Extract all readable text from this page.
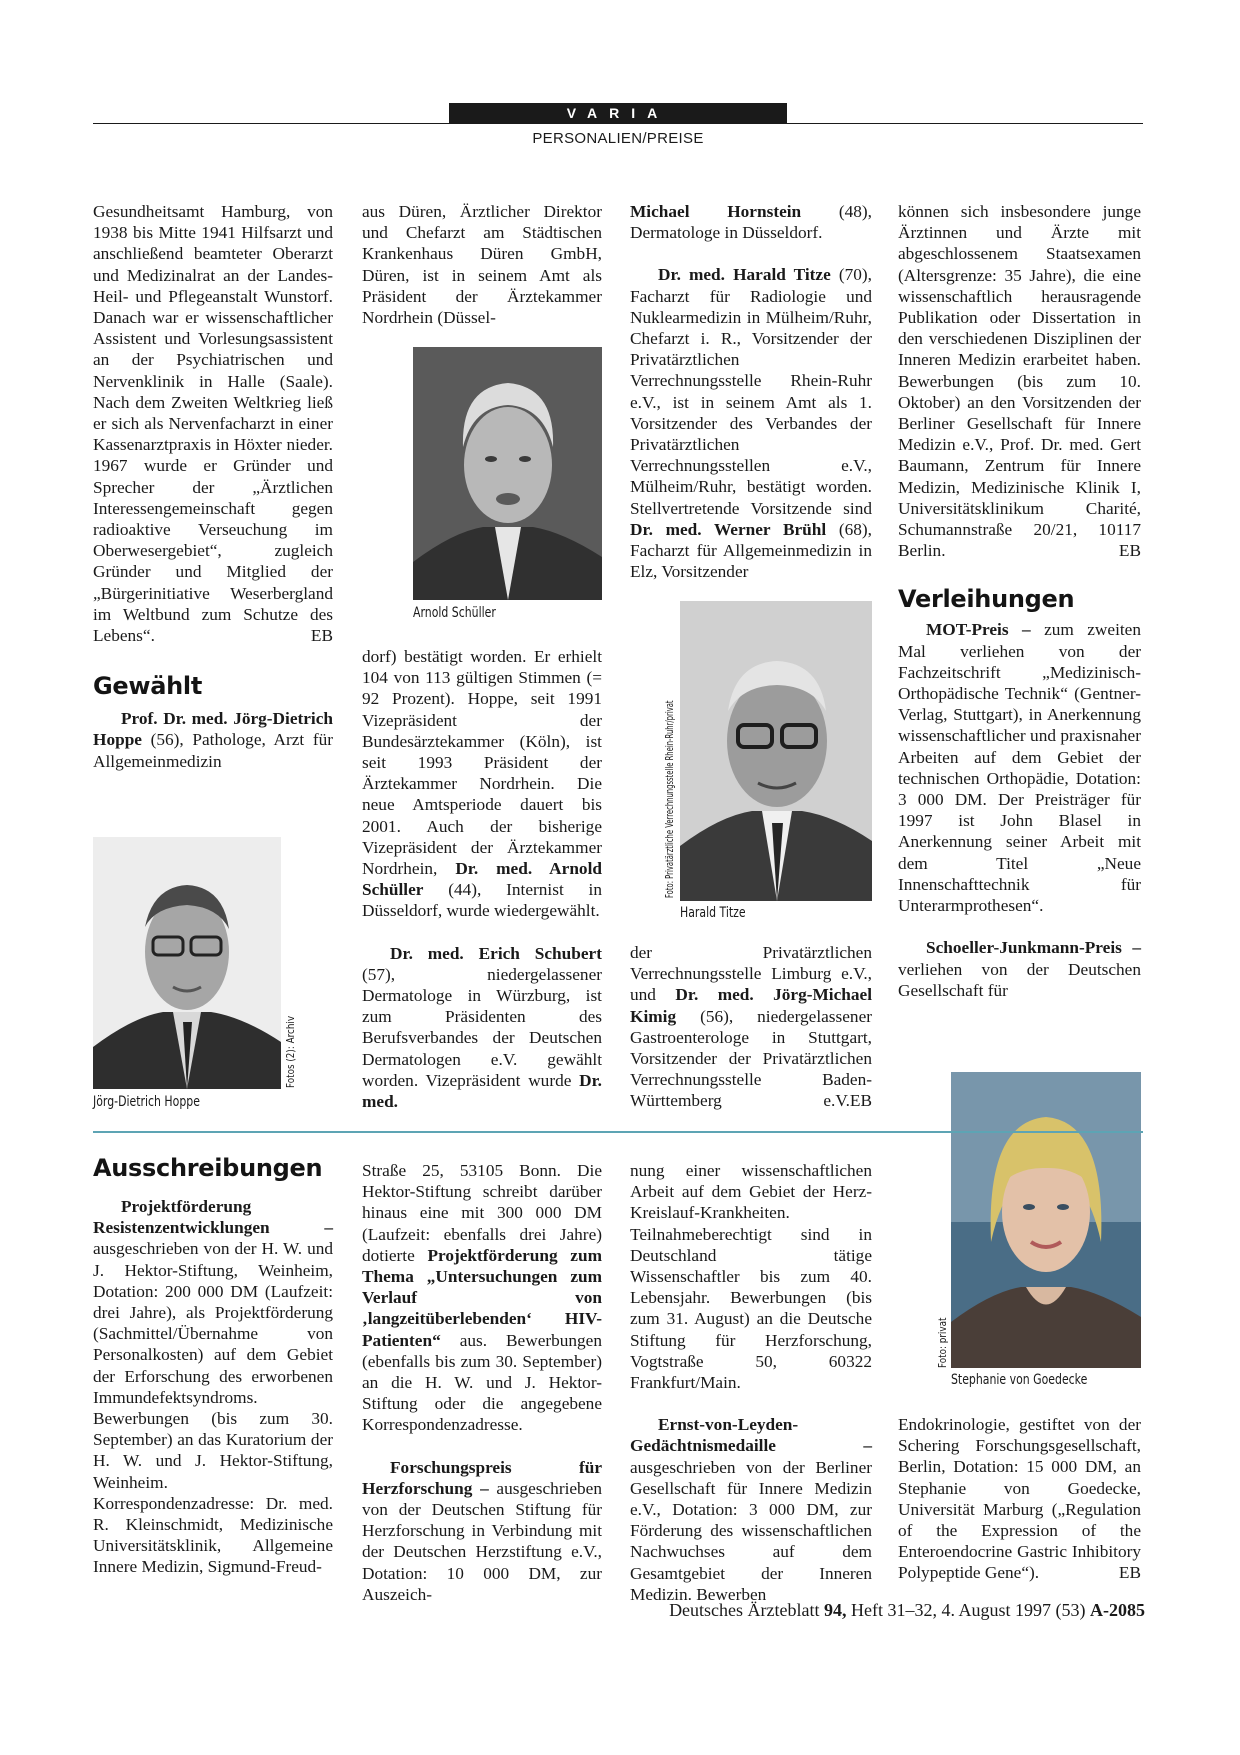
VARIA
PERSONALIEN/PREISE

Gesundheitsamt Hamburg, von 1938 bis Mitte 1941 Hilfsarzt und anschließend beamteter Oberarzt und Medizinalrat an der Landes-Heil- und Pflegeanstalt Wunstorf. Danach war er wissenschaftlicher Assistent und Vorlesungsassistent an der Psychiatrischen und Nervenklinik in Halle (Saale). Nach dem Zweiten Weltkrieg ließ er sich als Nervenfacharzt in einer Kassenarztpraxis in Höxter nieder. 1967 wurde er Gründer und Sprecher der „Ärztlichen Interessengemeinschaft gegen radioaktive Verseuchung im Oberwesergebiet“, zugleich Gründer und Mitglied der „Bürgerinitiative Weserbergland im Weltbund zum Schutze des Lebens“.	EB

Gewählt

Prof. Dr. med. Jörg-Dietrich Hoppe (56), Pathologe, Arzt für Allgemeinmedizin

Fotos (2): Archiv
Jörg-Dietrich Hoppe

aus Düren, Ärztlicher Direktor und Chefarzt am Städtischen Krankenhaus Düren GmbH, Düren, ist in seinem Amt als Präsident der Ärztekammer Nordrhein (Düssel-

Arnold Schüller

dorf) bestätigt worden. Er erhielt 104 von 113 gültigen Stimmen (= 92 Prozent). Hoppe, seit 1991 Vizepräsident der Bundesärztekammer (Köln), ist seit 1993 Präsident der Ärztekammer Nordrhein. Die neue Amtsperiode dauert bis 2001. Auch der bisherige Vizepräsident der Ärztekammer Nordrhein, Dr. med. Arnold Schüller (44), Internist in Düsseldorf, wurde wiedergewählt.

Dr. med. Erich Schubert (57), niedergelassener Dermatologe in Würzburg, ist zum Präsidenten des Berufsverbandes der Deutschen Dermatologen e.V. gewählt worden. Vizepräsident wurde Dr. med.

Michael Hornstein (48), Dermatologe in Düsseldorf.

Dr. med. Harald Titze (70), Facharzt für Radiologie und Nuklearmedizin in Mülheim/Ruhr, Chefarzt i. R., Vorsitzender der Privatärztlichen Verrechnungsstelle Rhein-Ruhr e.V., ist in seinem Amt als 1. Vorsitzender des Verbandes der Privatärztlichen Verrechnungsstellen e.V., Mülheim/Ruhr, bestätigt worden. Stellvertretende Vorsitzende sind Dr. med. Werner Brühl (68), Facharzt für Allgemeinmedizin in Elz, Vorsitzender

Foto: Privatärztliche Verrechnungsstelle Rhein-Ruhr/privat
Harald Titze

der Privatärztlichen Verrechnungsstelle Limburg e.V., und Dr. med. Jörg-Michael Kimig (56), niedergelassener Gastroenterologe in Stuttgart, Vorsitzender der Privatärztlichen Verrechnungsstelle Baden-Württemberg e.V. EB

können sich insbesondere junge Ärztinnen und Ärzte mit abgeschlossenem Staatsexamen (Altersgrenze: 35 Jahre), die eine wissenschaftlich herausragende Publikation oder Dissertation in den verschiedenen Disziplinen der Inneren Medizin erarbeitet haben. Bewerbungen (bis zum 10. Oktober) an den Vorsitzenden der Berliner Gesellschaft für Innere Medizin e.V., Prof. Dr. med. Gert Baumann, Zentrum für Innere Medizin, Medizinische Klinik I, Universitätsklinikum Charité, Schumannstraße 20/21, 10117 Berlin.	EB

Verleihungen

MOT-Preis – zum zweiten Mal verliehen von der Fachzeitschrift „Medizinisch-Orthopädische Technik“ (Gentner-Verlag, Stuttgart), in Anerkennung wissenschaftlicher und praxisnaher Arbeiten auf dem Gebiet der technischen Orthopädie, Dotation: 3 000 DM. Der Preisträger für 1997 ist John Blasel in Anerkennung seiner Arbeit mit dem Titel „Neue Innenschafttechnik für Unterarmprothesen“.

Schoeller-Junkmann-Preis – verliehen von der Deutschen Gesellschaft für

Foto: privat
Stephanie von Goedecke

Endokrinologie, gestiftet von der Schering Forschungsgesellschaft, Berlin, Dotation: 15 000 DM, an Stephanie von Goedecke, Universität Marburg („Regulation of the Expression of the Enteroendocrine Gastric Inhibitory Polypeptide Gene“).	EB

Ausschreibungen

Projektförderung Resistenzentwicklungen – ausgeschrieben von der H. W. und J. Hektor-Stiftung, Weinheim, Dotation: 200 000 DM (Laufzeit: drei Jahre), als Projektförderung (Sachmittel/Übernahme von Personalkosten) auf dem Gebiet der Erforschung des erworbenen Immundefektsyndroms. Bewerbungen (bis zum 30. September) an das Kuratorium der H. W. und J. Hektor-Stiftung, Weinheim. Korrespondenzadresse: Dr. med. R. Kleinschmidt, Medizinische Universitätsklinik, Allgemeine Innere Medizin, Sigmund-Freud-

Straße 25, 53105 Bonn. Die Hektor-Stiftung schreibt darüber hinaus eine mit 300 000 DM (Laufzeit: ebenfalls drei Jahre) dotierte Projektförderung zum Thema „Untersuchungen zum Verlauf von ‚langzeitüberlebenden‘ HIV-Patienten“ aus. Bewerbungen (ebenfalls bis zum 30. September) an die H. W. und J. Hektor-Stiftung oder die angegebene Korrespondenzadresse.

Forschungspreis für Herzforschung – ausgeschrieben von der Deutschen Stiftung für Herzforschung in Verbindung mit der Deutschen Herzstiftung e.V., Dotation: 10 000 DM, zur Auszeich-

nung einer wissenschaftlichen Arbeit auf dem Gebiet der Herz-Kreislauf-Krankheiten. Teilnahmeberechtigt sind in Deutschland tätige Wissenschaftler bis zum 40. Lebensjahr. Bewerbungen (bis zum 31. August) an die Deutsche Stiftung für Herzforschung, Vogtstraße 50, 60322 Frankfurt/Main.

Ernst-von-Leyden-Gedächtnismedaille – ausgeschrieben von der Berliner Gesellschaft für Innere Medizin e.V., Dotation: 3 000 DM, zur Förderung des wissenschaftlichen Nachwuchses auf dem Gesamtgebiet der Inneren Medizin. Bewerben

Deutsches Ärzteblatt 94, Heft 31–32, 4. August 1997 (53) A-2085
